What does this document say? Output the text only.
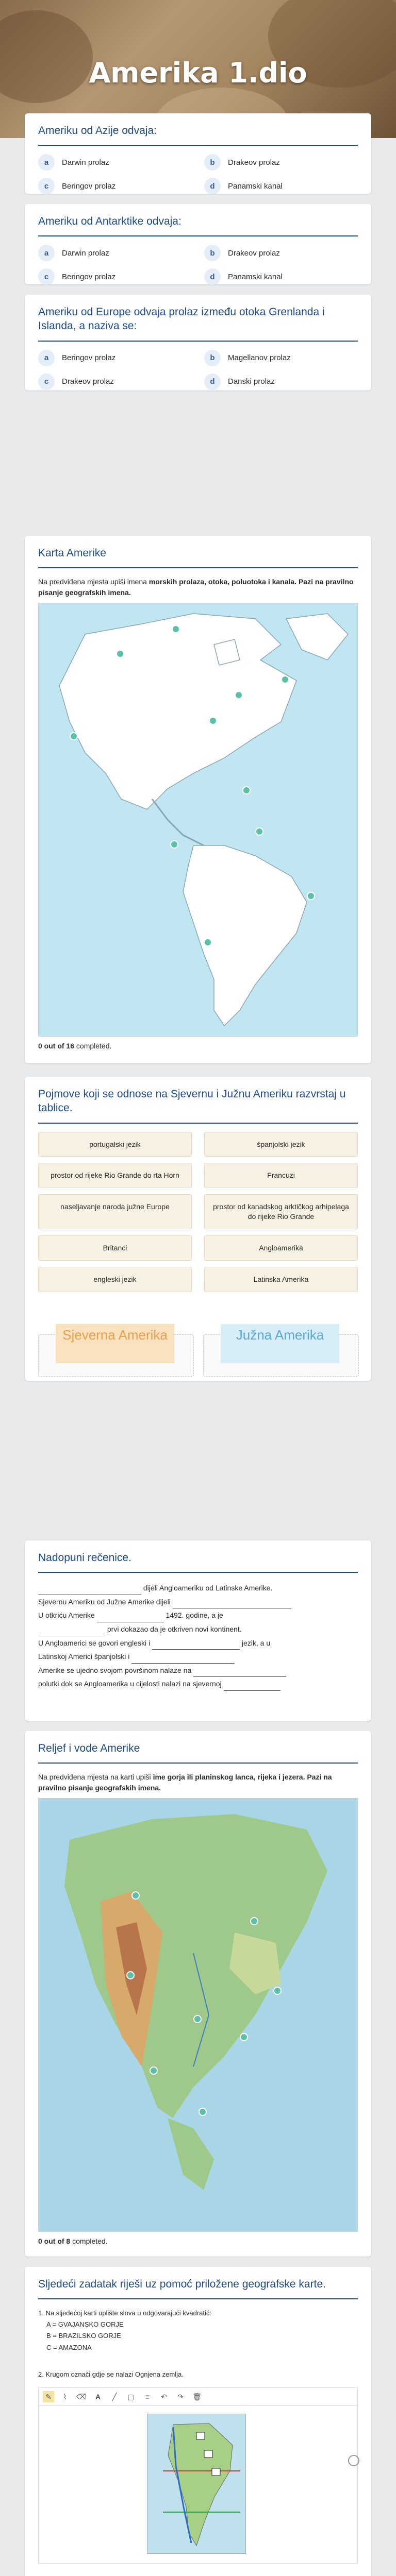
Amerika 1.dio
Ameriku od Azije odvaja:
a	Darwin prolaz	b	Drakeov prolaz
c	Beringov prolaz	d	Panamski kanal
Ameriku od Antarktike odvaja:
a	Darwin prolaz	b	Drakeov prolaz
c	Beringov prolaz	d	Panamski kanal
Ameriku od Europe odvaja prolaz između otoka Grenlanda i Islanda, a naziva se:
a	Beringov prolaz	b	Magellanov prolaz
c	Drakeov prolaz	d	Danski prolaz
Karta Amerike

Na predviđena mjesta upiši imena morskih prolaza, otoka, poluotoka i kanala. Pazi na pravilno pisanje geografskih imena.

0 out of 16 completed.
Pojmove koji se odnose na Sjevernu i Južnu Ameriku razvrstaj u tablice.
portugalski jezik	španjolski jezik
prostor od rijeke Rio Grande do rta Horn	Francuzi
naseljavanje naroda južne Europe	prostor od kanadskog arktičkog arhipelaga do rijeke Rio Grande
Britanci	Angloamerika
engleski jezik	Latinska Amerika
Sjeverna Amerika	Južna Amerika
Nadopuni rečenice.
dijeli Angloameriku od Latinske Amerike.
Sjevernu Ameriku od Južne Amerike dijeli
U otkriću Amerike	1492. godine, a je
prvi dokazao da je otkriven novi kontinent.
U Angloamerici se govori engleski i	jezik, a u
Latinskoj Americi španjolski i
Amerike se ujedno svojom površinom nalaze na
polutki dok se Angloamerika u cijelosti nalazi na sjevernoj
Reljef i vode Amerike

Na predviđena mjesta na karti upiši ime gorja ili planinskog lanca, rijeka i jezera. Pazi na pravilno pisanje geografskih imena.

0 out of 8 completed.
Sljedeći zadatak riješi uz pomoć priložene geografske karte.
1. Na sljedećoj karti uplište slova u odgovarajući kvadratić:
A = GVAJANSKO GORJE
B = BRAZILSKO GORJE
C = AMAZONA
2. Krugom označi gdje se nalazi Ognjena zemlja.
✎	⌇	⌫	A	╱	▢	≡	↶	↷	🗑
